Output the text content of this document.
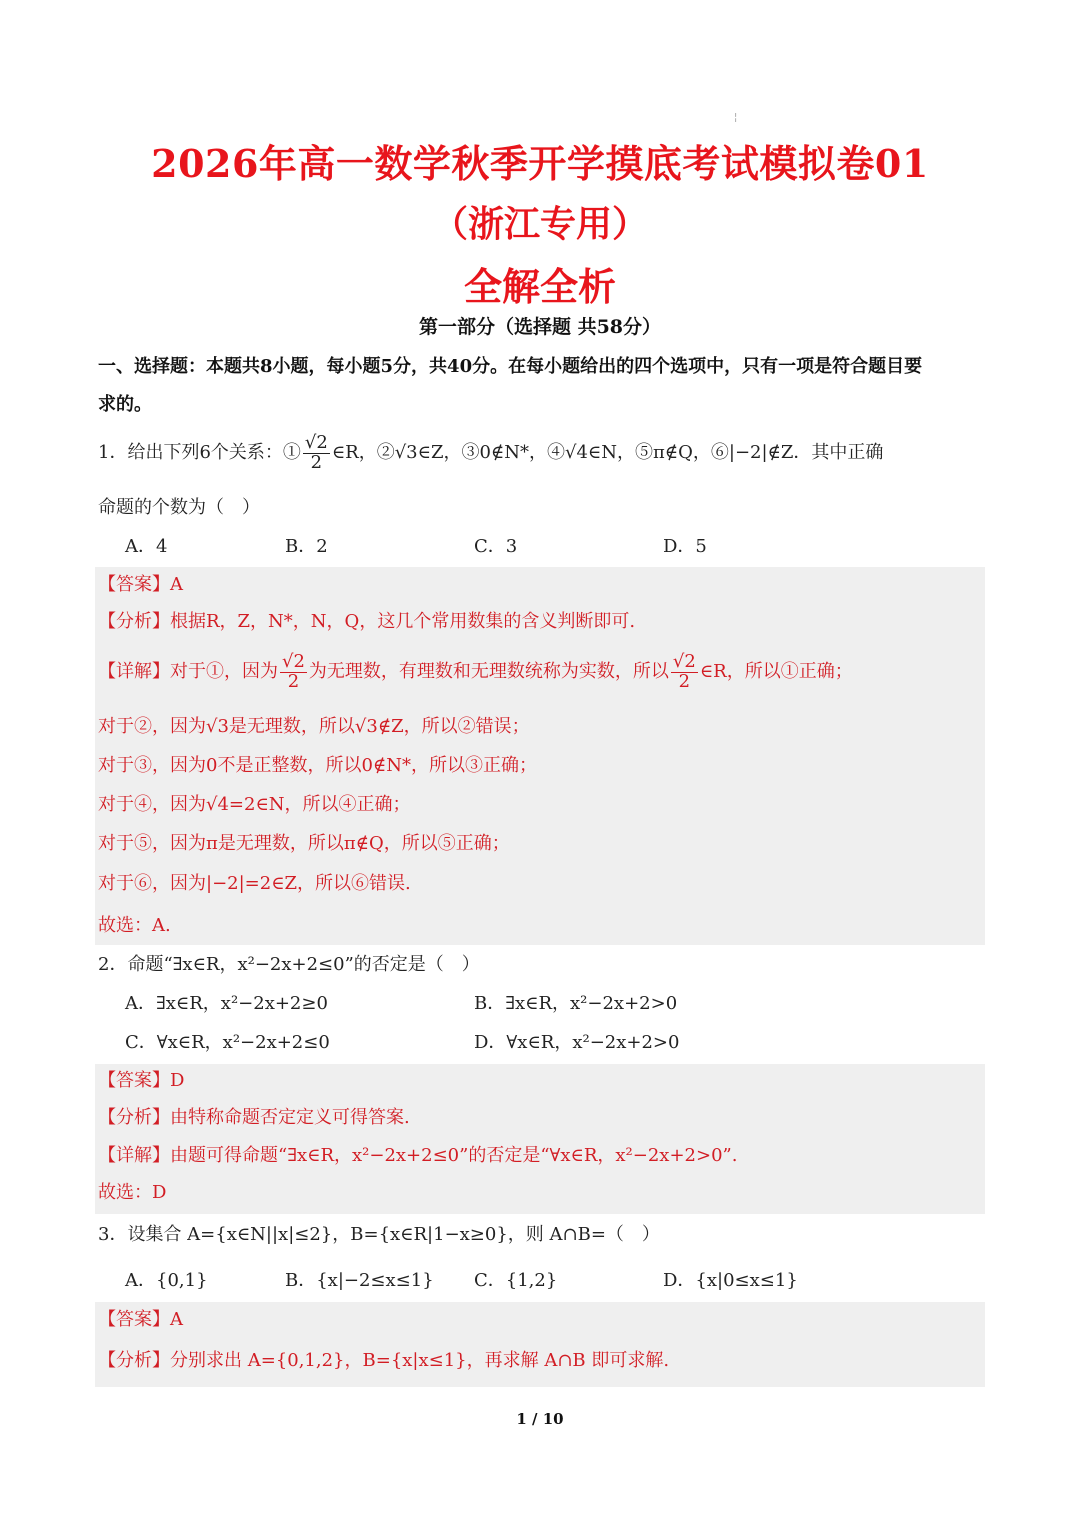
¦
2026年高一数学秋季开学摸底考试模拟卷01
（浙江专用）
全解全析
第一部分（选择题 共58分）
一、选择题：本题共8小题，每小题5分，共40分。在每小题给出的四个选项中，只有一项是符合题目要
求的。
1．给出下列6个关系：① $\frac{√2}{2}$ ∈R，②√3∈Z，③0∉N*，④√4∈N，⑤π∉Q，⑥|−2|∉Z．其中正确
命题的个数为（　）
A．4	B．2	C．3	D．5
【答案】A
【分析】根据R，Z，N*，N，Q，这几个常用数集的含义判断即可.
【详解】对于①，因为 $\frac{√2}{2}$ 为无理数，有理数和无理数统称为实数，所以 $\frac{√2}{2}$ ∈R，所以①正确；
对于②，因为√3是无理数，所以√3∉Z，所以②错误；
对于③，因为0不是正整数，所以0∉N*，所以③正确；
对于④，因为√4=2∈N，所以④正确；
对于⑤，因为π是无理数，所以π∉Q，所以⑤正确；
对于⑥，因为|−2|=2∈Z，所以⑥错误.
故选：A.
2．命题“∃x∈R，x²−2x+2≤0”的否定是（　）
A．∃x∈R，x²−2x+2≥0	B．∃x∈R，x²−2x+2>0
C．∀x∈R，x²−2x+2≤0	D．∀x∈R，x²−2x+2>0
【答案】D
【分析】由特称命题否定定义可得答案.
【详解】由题可得命题“∃x∈R，x²−2x+2≤0”的否定是“∀x∈R，x²−2x+2>0”.
故选：D
3．设集合 A={x∈N||x|≤2}，B={x∈R|1−x≥0}，则 A∩B=（　）
A．{0,1}	B．{x|−2≤x≤1} C．{1,2}	D．{x|0≤x≤1}
【答案】A
【分析】分别求出 A={0,1,2}，B={x|x≤1}，再求解 A∩B 即可求解.
1 / 10
